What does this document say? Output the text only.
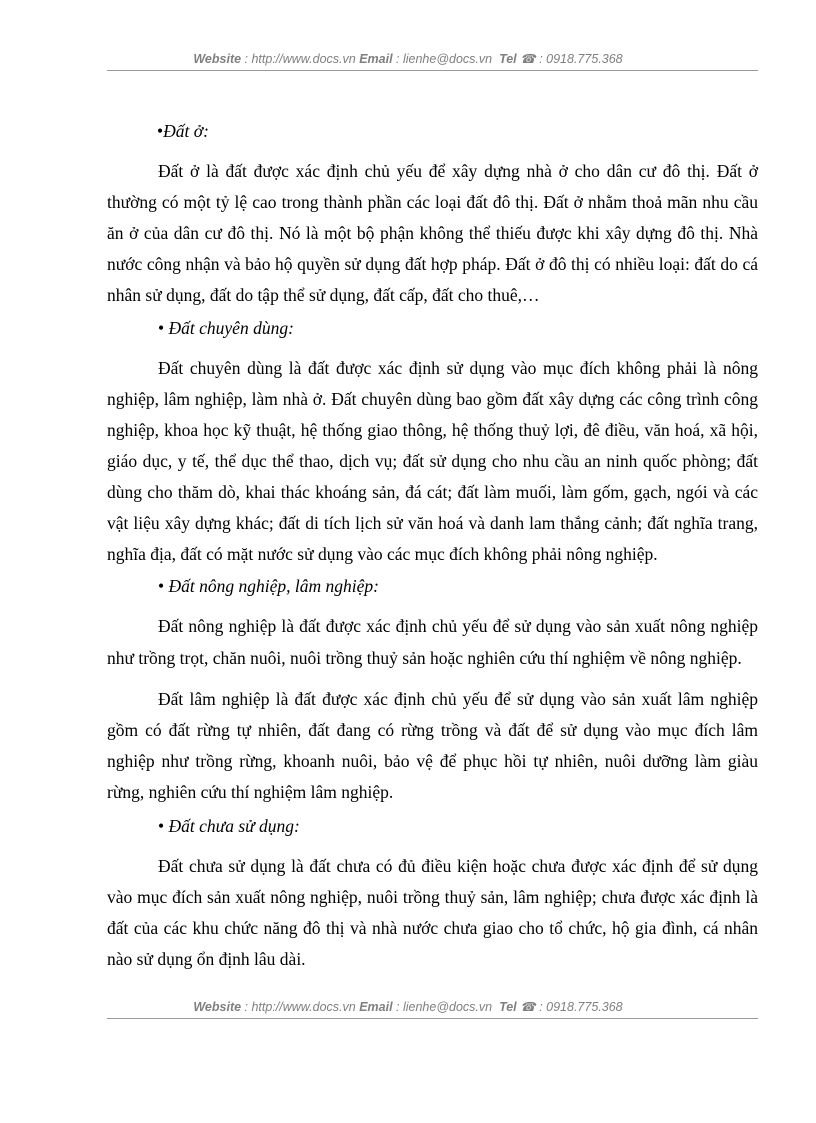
Website : http://www.docs.vn Email : lienhe@docs.vn Tel ☎ : 0918.775.368

•Đất ở:

Đất ở là đất được xác định chủ yếu để xây dựng nhà ở cho dân cư đô thị. Đất ở thường có một tỷ lệ cao trong thành phần các loại đất đô thị. Đất ở nhằm thoả mãn nhu cầu ăn ở của dân cư đô thị. Nó là một bộ phận không thể thiếu được khi xây dựng đô thị. Nhà nước công nhận và bảo hộ quyền sử dụng đất hợp pháp. Đất ở đô thị có nhiều loại: đất do cá nhân sử dụng, đất do tập thể sử dụng, đất cấp, đất cho thuê,…

• Đất chuyên dùng:

Đất chuyên dùng là đất được xác định sử dụng vào mục đích không phải là nông nghiệp, lâm nghiệp, làm nhà ở. Đất chuyên dùng bao gồm đất xây dựng các công trình công nghiệp, khoa học kỹ thuật, hệ thống giao thông, hệ thống thuỷ lợi, đê điều, văn hoá, xã hội, giáo dục, y tế, thể dục thể thao, dịch vụ; đất sử dụng cho nhu cầu an ninh quốc phòng; đất dùng cho thăm dò, khai thác khoáng sản, đá cát; đất làm muối, làm gốm, gạch, ngói và các vật liệu xây dựng khác; đất di tích lịch sử văn hoá và danh lam thắng cảnh; đất nghĩa trang, nghĩa địa, đất có mặt nước sử dụng vào các mục đích không phải nông nghiệp.

• Đất nông nghiệp, lâm nghiệp:

Đất nông nghiệp là đất được xác định chủ yếu để sử dụng vào sản xuất nông nghiệp như trồng trọt, chăn nuôi, nuôi trồng thuỷ sản hoặc nghiên cứu thí nghiệm về nông nghiệp.

Đất lâm nghiệp là đất được xác định chủ yếu để sử dụng vào sản xuất lâm nghiệp gồm có đất rừng tự nhiên, đất đang có rừng trồng và đất để sử dụng vào mục đích lâm nghiệp như trồng rừng, khoanh nuôi, bảo vệ để phục hồi tự nhiên, nuôi dưỡng làm giàu rừng, nghiên cứu thí nghiệm lâm nghiệp.

• Đất chưa sử dụng:

Đất chưa sử dụng là đất chưa có đủ điều kiện hoặc chưa được xác định để sử dụng vào mục đích sản xuất nông nghiệp, nuôi trồng thuỷ sản, lâm nghiệp; chưa được xác định là đất của các khu chức năng đô thị và nhà nước chưa giao cho tổ chức, hộ gia đình, cá nhân nào sử dụng ổn định lâu dài.

Website : http://www.docs.vn Email : lienhe@docs.vn Tel ☎ : 0918.775.368
